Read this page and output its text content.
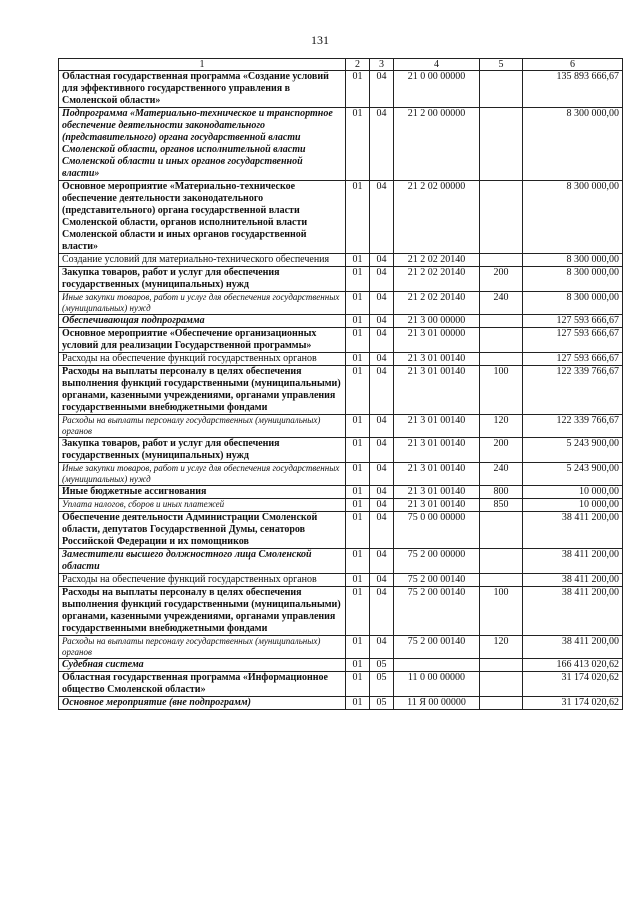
131
1	2	3	4	5	6
Областная государственная программа «Создание условий для эффективного государственного управления в Смоленской области»	01	04	21 0 00 00000		135 893 666,67
Подпрограмма «Материально-техническое и транспортное обеспечение деятельности законодательного (представительного) органа государственной власти Смоленской области, органов исполнительной власти Смоленской области и иных органов государственной власти»	01	04	21 2 00 00000		8 300 000,00
Основное мероприятие «Материально-техническое обеспечение деятельности законодательного (представительного) органа государственной власти Смоленской области, органов исполнительной власти Смоленской области и иных органов государственной власти»	01	04	21 2 02 00000		8 300 000,00
Создание условий для материально-технического обеспечения	01	04	21 2 02 20140		8 300 000,00
Закупка товаров, работ и услуг для обеспечения государственных (муниципальных) нужд	01	04	21 2 02 20140	200	8 300 000,00
Иные закупки товаров, работ и услуг для обеспечения государственных (муниципальных) нужд	01	04	21 2 02 20140	240	8 300 000,00
Обеспечивающая подпрограмма	01	04	21 3 00 00000		127 593 666,67
Основное мероприятие «Обеспечение организационных условий для реализации Государственной программы»	01	04	21 3 01 00000		127 593 666,67
Расходы на обеспечение функций государственных органов	01	04	21 3 01 00140		127 593 666,67
Расходы на выплаты персоналу в целях обеспечения выполнения функций государственными (муниципальными) органами, казенными учреждениями, органами управления государственными внебюджетными фондами	01	04	21 3 01 00140	100	122 339 766,67
Расходы на выплаты персоналу государственных (муниципальных) органов	01	04	21 3 01 00140	120	122 339 766,67
Закупка товаров, работ и услуг для обеспечения государственных (муниципальных) нужд	01	04	21 3 01 00140	200	5 243 900,00
Иные закупки товаров, работ и услуг для обеспечения государственных (муниципальных) нужд	01	04	21 3 01 00140	240	5 243 900,00
Иные бюджетные ассигнования	01	04	21 3 01 00140	800	10 000,00
Уплата налогов, сборов и иных платежей	01	04	21 3 01 00140	850	10 000,00
Обеспечение деятельности Администрации Смоленской области, депутатов Государственной Думы, сенаторов Российской Федерации и их помощников	01	04	75 0 00 00000		38 411 200,00
Заместители высшего должностного лица Смоленской области	01	04	75 2 00 00000		38 411 200,00
Расходы на обеспечение функций государственных органов	01	04	75 2 00 00140		38 411 200,00
Расходы на выплаты персоналу в целях обеспечения выполнения функций государственными (муниципальными) органами, казенными учреждениями, органами управления государственными внебюджетными фондами	01	04	75 2 00 00140	100	38 411 200,00
Расходы на выплаты персоналу государственных (муниципальных) органов	01	04	75 2 00 00140	120	38 411 200,00
Судебная система	01	05			166 413 020,62
Областная государственная программа «Информационное общество Смоленской области»	01	05	11 0 00 00000		31 174 020,62
Основное мероприятие (вне подпрограмм)	01	05	11 Я 00 00000		31 174 020,62
